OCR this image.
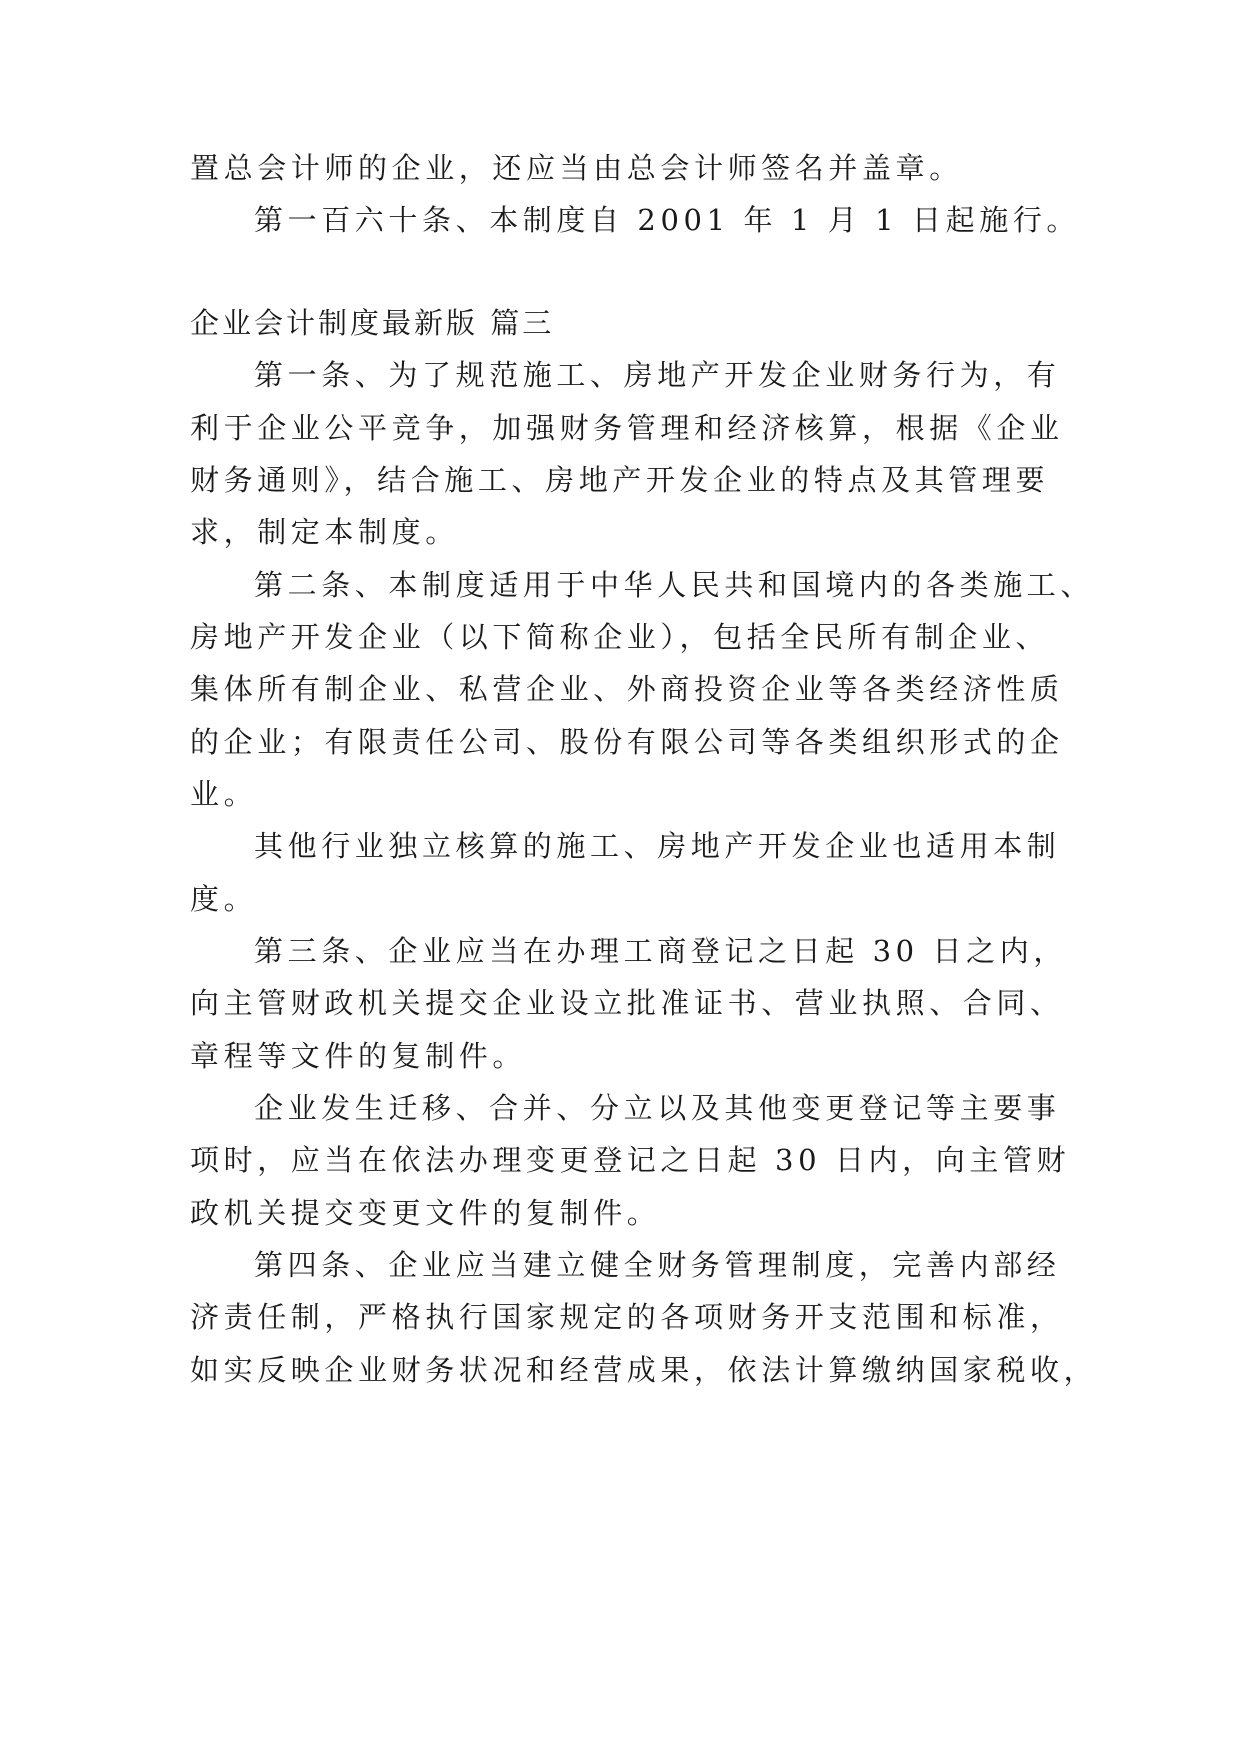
置总会计师的企业，还应当由总会计师签名并盖章。
第一百六十条、本制度自 2001 年 1 月 1 日起施行。
企业会计制度最新版 篇三
第一条、为了规范施工、房地产开发企业财务行为，有
利于企业公平竞争，加强财务管理和经济核算，根据《企业
财务通则》，结合施工、房地产开发企业的特点及其管理要
求，制定本制度。
第二条、本制度适用于中华人民共和国境内的各类施工、
房地产开发企业（以下简称企业），包括全民所有制企业、
集体所有制企业、私营企业、外商投资企业等各类经济性质
的企业；有限责任公司、股份有限公司等各类组织形式的企
业。
其他行业独立核算的施工、房地产开发企业也适用本制
度。
第三条、企业应当在办理工商登记之日起 30 日之内，
向主管财政机关提交企业设立批准证书、营业执照、合同、
章程等文件的复制件。
企业发生迁移、合并、分立以及其他变更登记等主要事
项时，应当在依法办理变更登记之日起 30 日内，向主管财
政机关提交变更文件的复制件。
第四条、企业应当建立健全财务管理制度，完善内部经
济责任制，严格执行国家规定的各项财务开支范围和标准，
如实反映企业财务状况和经营成果，依法计算缴纳国家税收，
